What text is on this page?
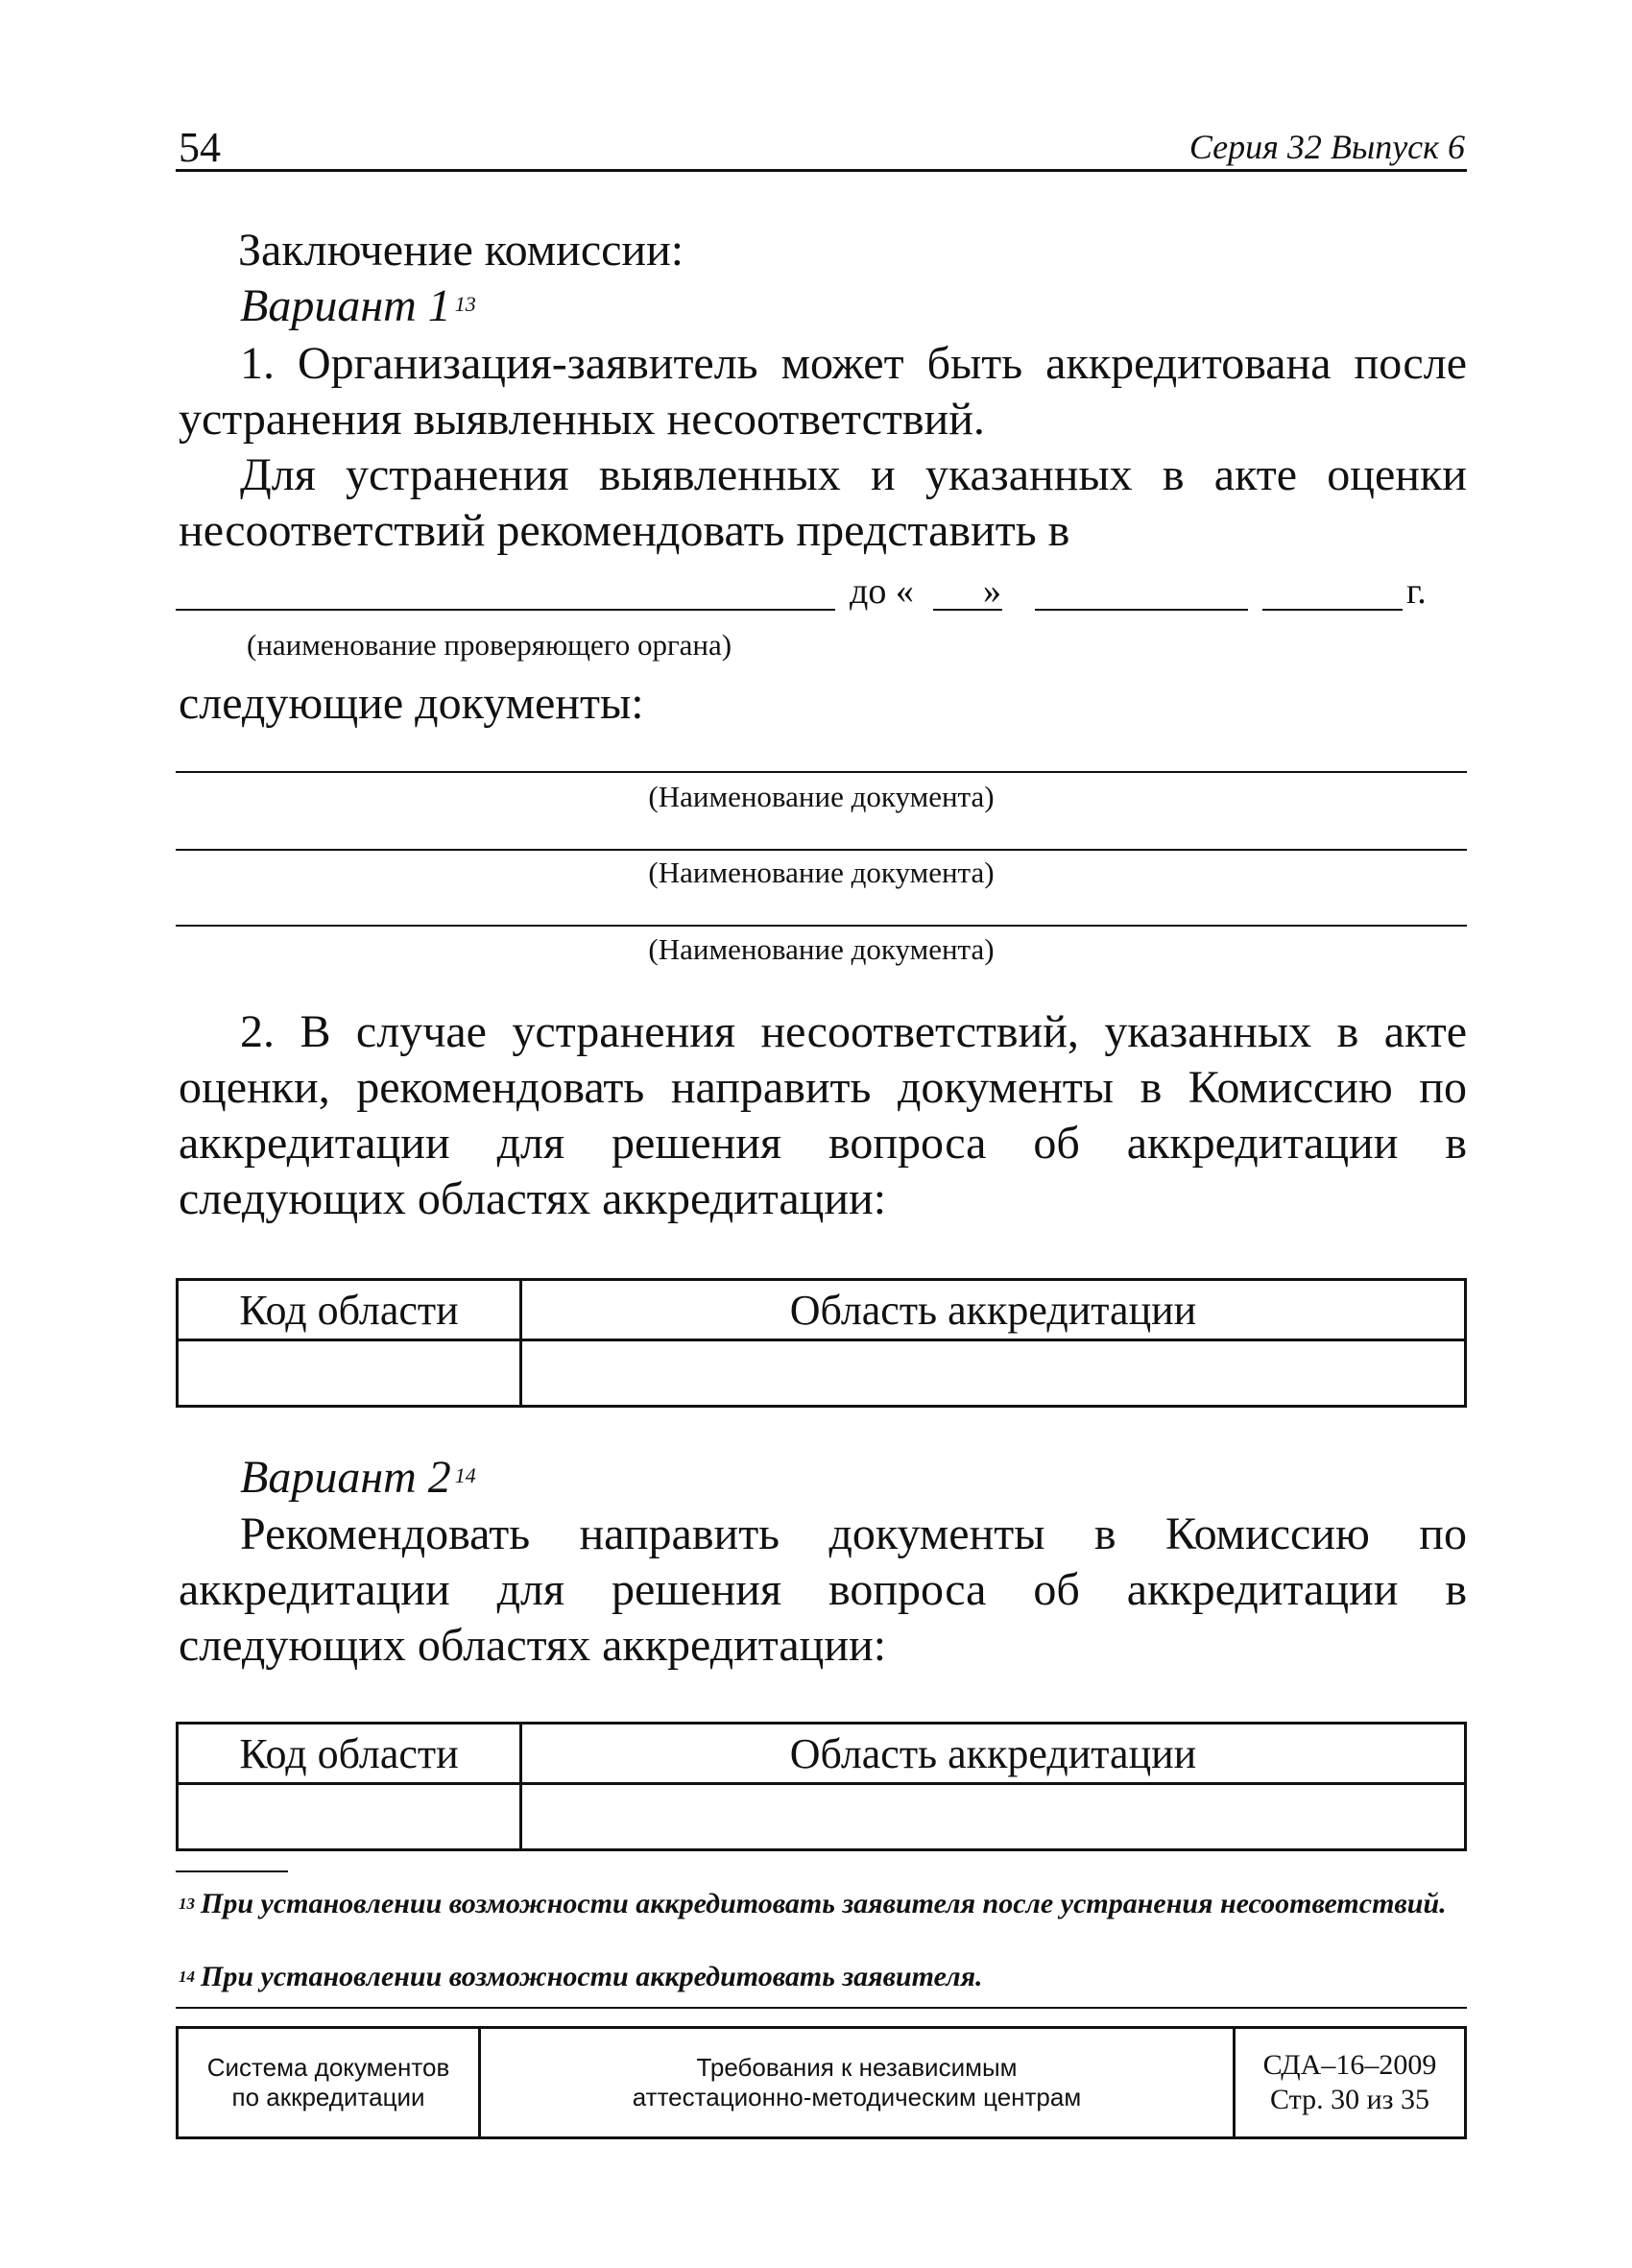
54	Серия 32 Выпуск 6
Заключение комиссии:
Вариант 1 $^{13}$
1. Организация-заявитель может быть аккредитована после устранения выявленных несоответствий.
Для устранения выявленных и указанных в акте оценки несоответствий рекомендовать представить в
до « »	г.
(наименование проверяющего органа)
следующие документы:
(Наименование документа)
(Наименование документа)
(Наименование документа)
2. В случае устранения несоответствий, указанных в акте оценки, рекомендовать направить документы в Комиссию по аккредитации для решения вопроса об аккредитации в следующих областях аккредитации:
Код области	Область аккредитации

Вариант 2 $^{14}$
Рекомендовать направить документы в Комиссию по аккредитации для решения вопроса об аккредитации в следующих областях аккредитации:
Код области	Область аккредитации

$^{13}$ При установлении возможности аккредитовать заявителя после устранения несоответствий.
$^{14}$ При установлении возможности аккредитовать заявителя.
Система документов
по аккредитации

Требования к независимым
аттестационно-методическим центрам

СДА–16–2009
Стр. 30 из 35
